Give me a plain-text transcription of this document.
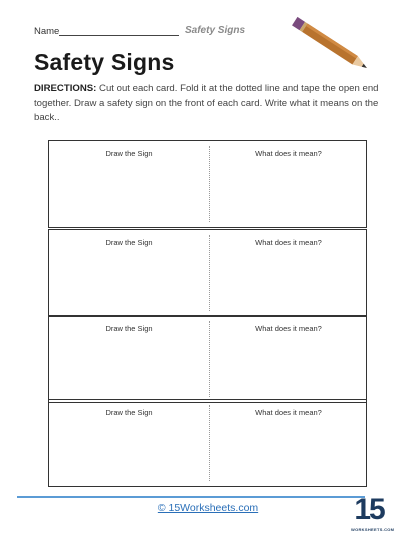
Name	Safety Signs
Safety Signs
DIRECTIONS: Cut out each card. Fold it at the dotted line and tape the open end together. Draw a safety sign on the front of each card. Write what it means on the back..
Draw the Sign	What does it mean?
Draw the Sign	What does it mean?
Draw the Sign	What does it mean?
Draw the Sign	What does it mean?
© 15Worksheets.com	15
WORKSHEETS.COM
